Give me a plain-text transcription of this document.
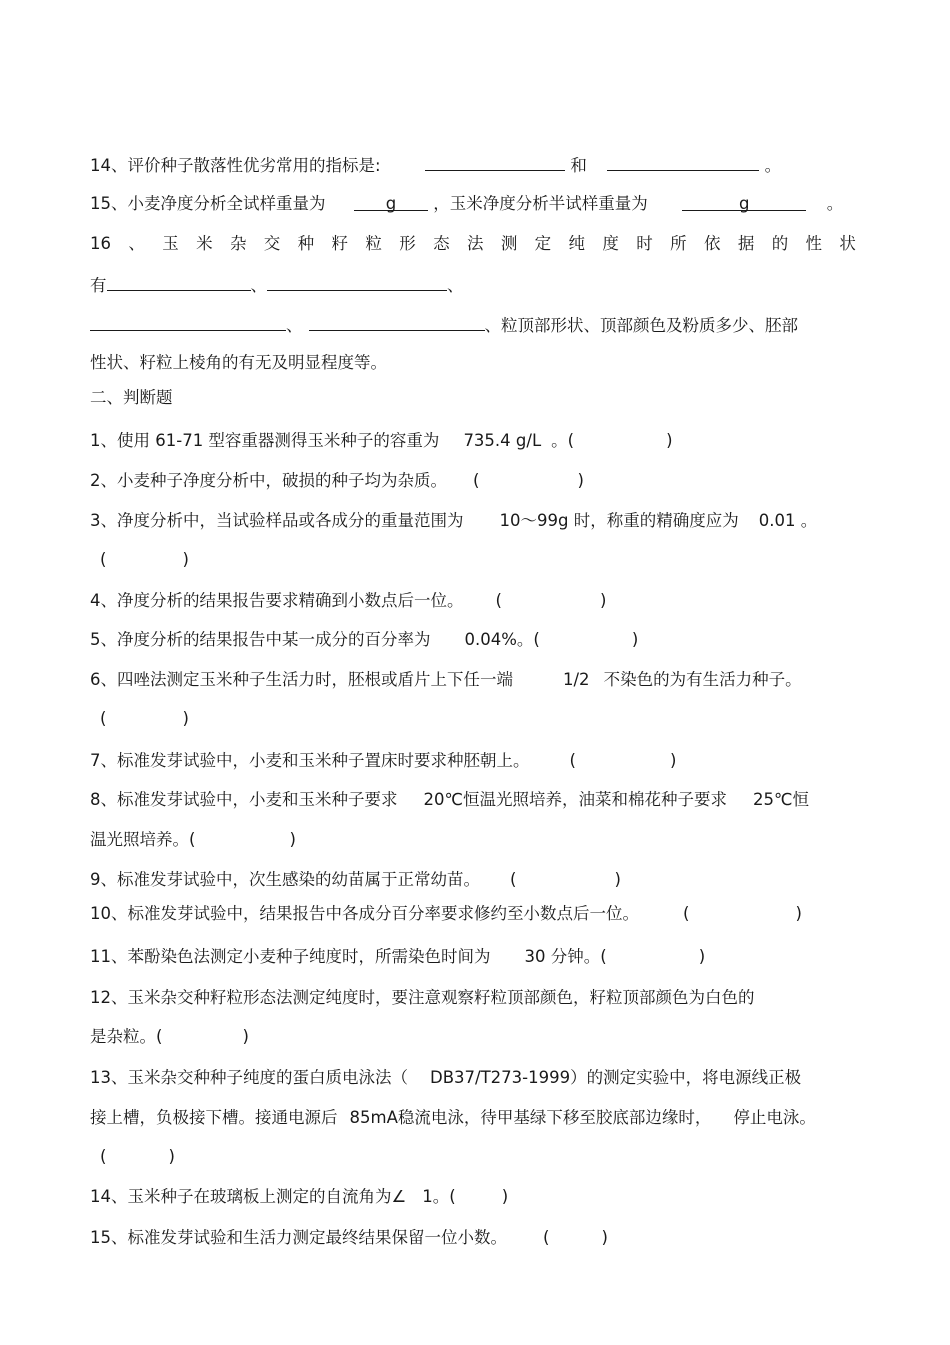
14、评价种子散落性优劣常用的指标是:	和	。
15、小麦净度分析全试样重量为	g ，玉米净度分析半试样重量为	g	。
16 、 玉 米 杂 交 种 籽 粒 形 态 法 测 定 纯 度 时 所 依 据 的 性 状
有	、	、
、	、粒顶部形状、顶部颜色及粉质多少、胚部
性状、籽粒上棱角的有无及明显程度等。
二、判断题
1、使用 61-71 型容重器测得玉米种子的容重为 735.4 g/L 。(	)
2、小麦种子净度分析中，破损的种子均为杂质。 (	)
3、净度分析中，当试验样品或各成分的重量范围为 10～99g 时，称重的精确度应为 0.01 。
(	)
4、净度分析的结果报告要求精确到小数点后一位。 (	)
5、净度分析的结果报告中某一成分的百分率为 0.04%。(	)
6、四唑法测定玉米种子生活力时，胚根或盾片上下任一端	1/2 不染色的为有生活力种子。
(	)
7、标准发芽试验中，小麦和玉米种子置床时要求种胚朝上。 (	)
8、标准发芽试验中，小麦和玉米种子要求 20℃恒温光照培养，油菜和棉花种子要求 25℃恒
温光照培养。(	)
9、标准发芽试验中，次生感染的幼苗属于正常幼苗。 (	)
10、标准发芽试验中，结果报告中各成分百分率要求修约至小数点后一位。	(	)
11、苯酚染色法测定小麦种子纯度时，所需染色时间为 30 分钟。(	)
12、玉米杂交种籽粒形态法测定纯度时，要注意观察籽粒顶部颜色，籽粒顶部颜色为白色的
是杂粒。(	)
13、玉米杂交种种子纯度的蛋白质电泳法（ DB37/T273-1999）的测定实验中，将电源线正极
接上槽，负极接下槽。接通电源后 85mA稳流电泳，待甲基绿下移至胶底部边缘时， 停止电泳。
(	)
14、玉米种子在玻璃板上测定的自流角为∠ 1。(	)
15、标准发芽试验和生活力测定最终结果保留一位小数。 (	)
